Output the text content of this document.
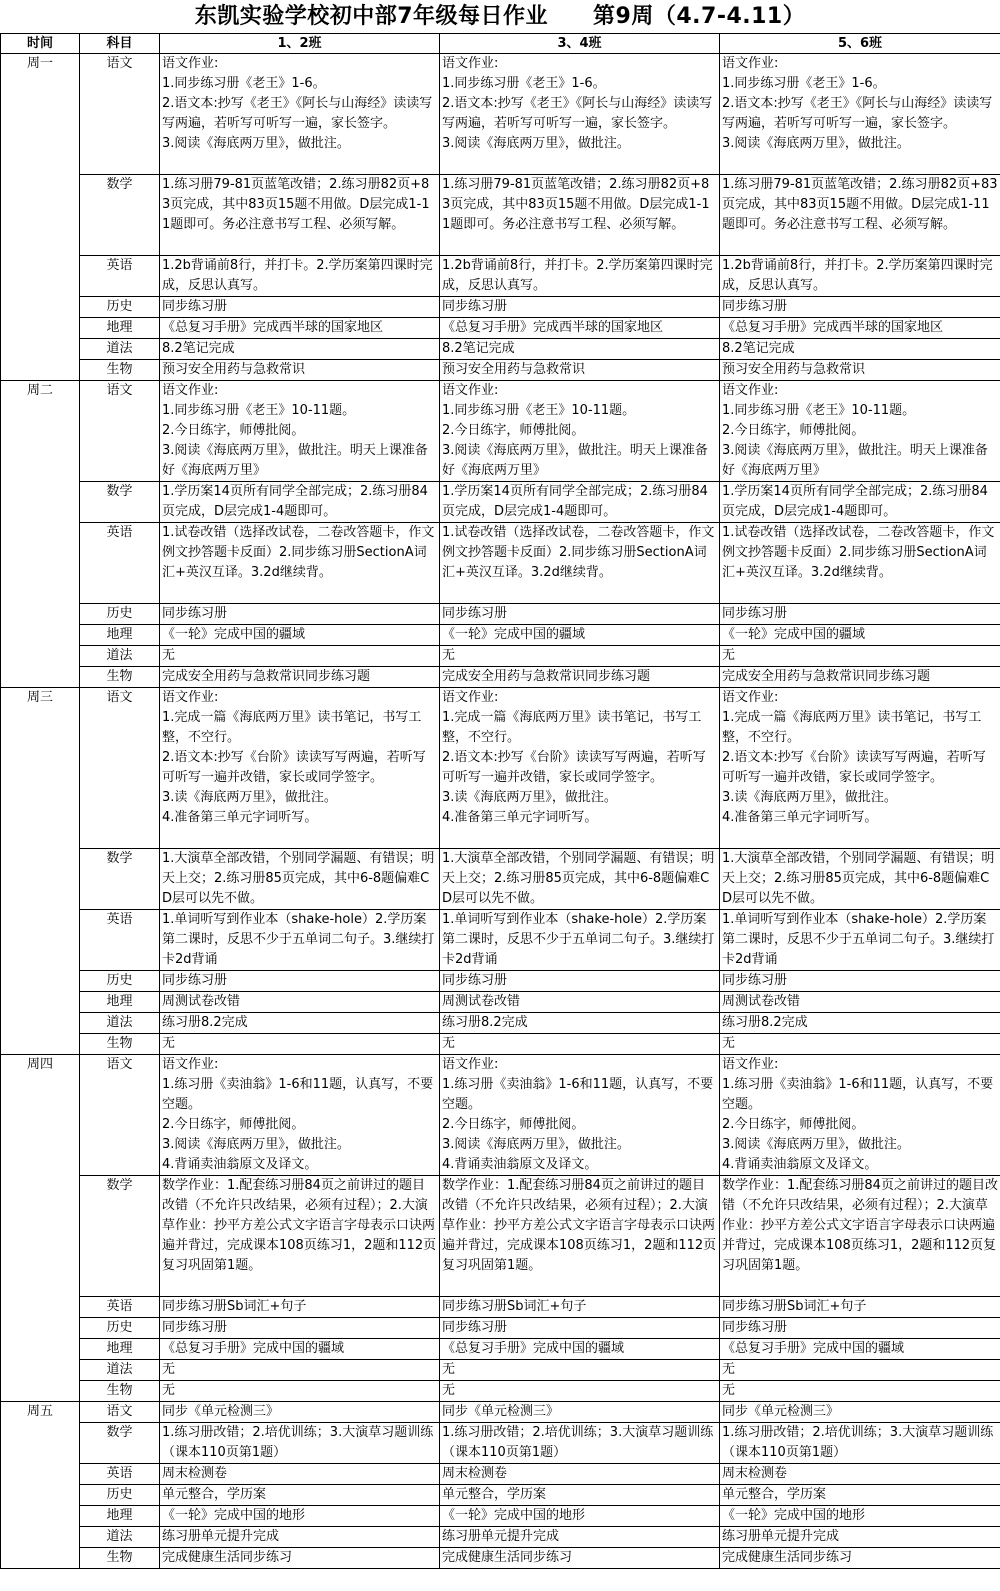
东凯实验学校初中部7年级每日作业　　第9周（4.7-4.11）
时间	科目	1、2班	3、4班	5、6班
周一	语文	语文作业:
1.同步练习册《老王》1-6。
2.语文本:抄写《老王》《阿长与山海经》读读写写两遍，若听写可听写一遍，家长签字。
3.阅读《海底两万里》，做批注。	语文作业:
1.同步练习册《老王》1-6。
2.语文本:抄写《老王》《阿长与山海经》读读写写两遍，若听写可听写一遍，家长签字。
3.阅读《海底两万里》，做批注。	语文作业:
1.同步练习册《老王》1-6。
2.语文本:抄写《老王》《阿长与山海经》读读写写两遍，若听写可听写一遍，家长签字。
3.阅读《海底两万里》，做批注。
	数学	1.练习册79-81页蓝笔改错；2.练习册82页+83页完成，其中83页15题不用做。D层完成1-11题即可。务必注意书写工程、必须写解。	1.练习册79-81页蓝笔改错；2.练习册82页+83页完成，其中83页15题不用做。D层完成1-11题即可。务必注意书写工程、必须写解。	1.练习册79-81页蓝笔改错；2.练习册82页+83页完成，其中83页15题不用做。D层完成1-11题即可。务必注意书写工程、必须写解。
	英语	1.2b背诵前8行，并打卡。2.学历案第四课时完成，反思认真写。	1.2b背诵前8行，并打卡。2.学历案第四课时完成，反思认真写。	1.2b背诵前8行，并打卡。2.学历案第四课时完成，反思认真写。
	历史	同步练习册	同步练习册	同步练习册
	地理	《总复习手册》完成西半球的国家地区	《总复习手册》完成西半球的国家地区	《总复习手册》完成西半球的国家地区
	道法	8.2笔记完成	8.2笔记完成	8.2笔记完成
	生物	预习安全用药与急救常识	预习安全用药与急救常识	预习安全用药与急救常识
周二	语文	语文作业:
1.同步练习册《老王》10-11题。
2.今日练字，师傅批阅。
3.阅读《海底两万里》，做批注。明天上课准备好《海底两万里》	语文作业:
1.同步练习册《老王》10-11题。
2.今日练字，师傅批阅。
3.阅读《海底两万里》，做批注。明天上课准备好《海底两万里》	语文作业:
1.同步练习册《老王》10-11题。
2.今日练字，师傅批阅。
3.阅读《海底两万里》，做批注。明天上课准备好《海底两万里》
	数学	1.学历案14页所有同学全部完成；2.练习册84页完成，D层完成1-4题即可。	1.学历案14页所有同学全部完成；2.练习册84页完成，D层完成1-4题即可。	1.学历案14页所有同学全部完成；2.练习册84页完成，D层完成1-4题即可。
	英语	1.试卷改错（选择改试卷，二卷改答题卡，作文例文抄答题卡反面）2.同步练习册SectionA词汇+英汉互译。3.2d继续背。	1.试卷改错（选择改试卷，二卷改答题卡，作文例文抄答题卡反面）2.同步练习册SectionA词汇+英汉互译。3.2d继续背。	1.试卷改错（选择改试卷，二卷改答题卡，作文例文抄答题卡反面）2.同步练习册SectionA词汇+英汉互译。3.2d继续背。
	历史	同步练习册	同步练习册	同步练习册
	地理	《一轮》完成中国的疆域	《一轮》完成中国的疆域	《一轮》完成中国的疆域
	道法	无	无	无
	生物	完成安全用药与急救常识同步练习题	完成安全用药与急救常识同步练习题	完成安全用药与急救常识同步练习题
周三	语文	语文作业:
1.完成一篇《海底两万里》读书笔记，书写工整，不空行。
2.语文本:抄写《台阶》读读写写两遍，若听写可听写一遍并改错，家长或同学签字。
3.读《海底两万里》，做批注。
4.准备第三单元字词听写。	语文作业:
1.完成一篇《海底两万里》读书笔记，书写工整，不空行。
2.语文本:抄写《台阶》读读写写两遍，若听写可听写一遍并改错，家长或同学签字。
3.读《海底两万里》，做批注。
4.准备第三单元字词听写。	语文作业:
1.完成一篇《海底两万里》读书笔记，书写工整，不空行。
2.语文本:抄写《台阶》读读写写两遍，若听写可听写一遍并改错，家长或同学签字。
3.读《海底两万里》，做批注。
4.准备第三单元字词听写。
	数学	1.大演草全部改错，个别同学漏题、有错误；明天上交；2.练习册85页完成，其中6-8题偏难CD层可以先不做。	1.大演草全部改错，个别同学漏题、有错误；明天上交；2.练习册85页完成，其中6-8题偏难CD层可以先不做。	1.大演草全部改错，个别同学漏题、有错误；明天上交；2.练习册85页完成，其中6-8题偏难CD层可以先不做。
	英语	1.单词听写到作业本（shake-hole）2.学历案第二课时，反思不少于五单词二句子。3.继续打卡2d背诵	1.单词听写到作业本（shake-hole）2.学历案第二课时，反思不少于五单词二句子。3.继续打卡2d背诵	1.单词听写到作业本（shake-hole）2.学历案第二课时，反思不少于五单词二句子。3.继续打卡2d背诵
	历史	同步练习册	同步练习册	同步练习册
	地理	周测试卷改错	周测试卷改错	周测试卷改错
	道法	练习册8.2完成	练习册8.2完成	练习册8.2完成
	生物	无	无	无
周四	语文	语文作业:
1.练习册《卖油翁》1-6和11题，认真写，不要空题。
2.今日练字，师傅批阅。
3.阅读《海底两万里》，做批注。
4.背诵卖油翁原文及译文。	语文作业:
1.练习册《卖油翁》1-6和11题，认真写，不要空题。
2.今日练字，师傅批阅。
3.阅读《海底两万里》，做批注。
4.背诵卖油翁原文及译文。	语文作业:
1.练习册《卖油翁》1-6和11题，认真写，不要空题。
2.今日练字，师傅批阅。
3.阅读《海底两万里》，做批注。
4.背诵卖油翁原文及译文。
	数学	数学作业：1.配套练习册84页之前讲过的题目改错（不允许只改结果，必须有过程）；2.大演草作业：抄平方差公式文字语言字母表示口诀两遍并背过，完成课本108页练习1，2题和112页复习巩固第1题。	数学作业：1.配套练习册84页之前讲过的题目改错（不允许只改结果，必须有过程）；2.大演草作业：抄平方差公式文字语言字母表示口诀两遍并背过，完成课本108页练习1，2题和112页复习巩固第1题。	数学作业：1.配套练习册84页之前讲过的题目改错（不允许只改结果，必须有过程）；2.大演草作业：抄平方差公式文字语言字母表示口诀两遍并背过，完成课本108页练习1，2题和112页复习巩固第1题。
	英语	同步练习册Sb词汇+句子	同步练习册Sb词汇+句子	同步练习册Sb词汇+句子
	历史	同步练习册	同步练习册	同步练习册
	地理	《总复习手册》完成中国的疆域	《总复习手册》完成中国的疆域	《总复习手册》完成中国的疆域
	道法	无	无	无
	生物	无	无	无
周五	语文	同步《单元检测三》	同步《单元检测三》	同步《单元检测三》
	数学	1.练习册改错；2.培优训练；3.大演草习题训练（课本110页第1题）	1.练习册改错；2.培优训练；3.大演草习题训练（课本110页第1题）	1.练习册改错；2.培优训练；3.大演草习题训练（课本110页第1题）
	英语	周末检测卷	周末检测卷	周末检测卷
	历史	单元整合，学历案	单元整合，学历案	单元整合，学历案
	地理	《一轮》完成中国的地形	《一轮》完成中国的地形	《一轮》完成中国的地形
	道法	练习册单元提升完成	练习册单元提升完成	练习册单元提升完成
	生物	完成健康生活同步练习	完成健康生活同步练习	完成健康生活同步练习
